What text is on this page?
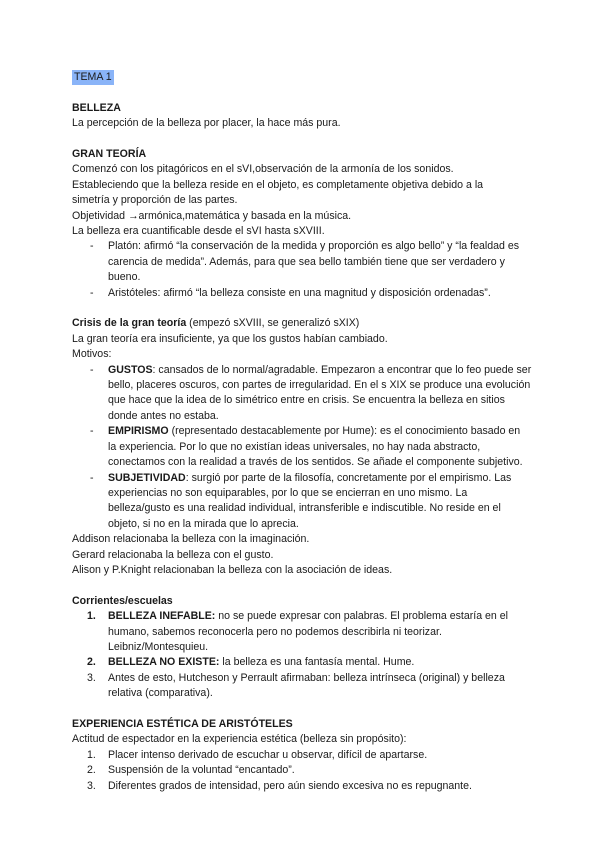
TEMA 1
BELLEZA
La percepción de la belleza por placer, la hace más pura.
GRAN TEORÍA
Comenzó con los pitagóricos en el sVI,observación de la armonía de los sonidos.
Estableciendo que la belleza reside en el objeto, es completamente objetiva debido a la
simetría y proporción de las partes.
Objetividad →armónica,matemática y basada en la música.
La belleza era cuantificable desde el sVI hasta sXVIII.
- Platón: afirmó “la conservación de la medida y proporción es algo bello” y “la fealdad es carencia de medida”. Además, para que sea bello también tiene que ser verdadero y bueno.
- Aristóteles: afirmó “la belleza consiste en una magnitud y disposición ordenadas”.
Crisis de la gran teoría (empezó sXVIII, se generalizó sXIX)
La gran teoría era insuficiente, ya que los gustos habían cambiado.
Motivos:
- GUSTOS: cansados de lo normal/agradable. Empezaron a encontrar que lo feo puede ser bello, placeres oscuros, con partes de irregularidad. En el s XIX se produce una evolución que hace que la idea de lo simétrico entre en crisis. Se encuentra la belleza en sitios donde antes no estaba.
- EMPIRISMO (representado destacablemente por Hume): es el conocimiento basado en la experiencia. Por lo que no existían ideas universales, no hay nada abstracto, conectamos con la realidad a través de los sentidos. Se añade el componente subjetivo.
- SUBJETIVIDAD: surgió por parte de la filosofía, concretamente por el empirismo. Las experiencias no son equiparables, por lo que se encierran en uno mismo. La belleza/gusto es una realidad individual, intransferible e indiscutible. No reside en el objeto, si no en la mirada que lo aprecia.
Addison relacionaba la belleza con la imaginación.
Gerard relacionaba la belleza con el gusto.
Alison y P.Knight relacionaban la belleza con la asociación de ideas.
Corrientes/escuelas
1. BELLEZA INEFABLE: no se puede expresar con palabras. El problema estaría en el humano, sabemos reconocerla pero no podemos describirla ni teorizar. Leibniz/Montesquieu.
2. BELLEZA NO EXISTE: la belleza es una fantasía mental. Hume.
3. Antes de esto, Hutcheson y Perrault afirmaban: belleza intrínseca (original) y belleza relativa (comparativa).
EXPERIENCIA ESTÉTICA DE ARISTÓTELES
Actitud de espectador en la experiencia estética (belleza sin propósito):
1. Placer intenso derivado de escuchar u observar, difícil de apartarse.
2. Suspensión de la voluntad “encantado”.
3. Diferentes grados de intensidad, pero aún siendo excesiva no es repugnante.
